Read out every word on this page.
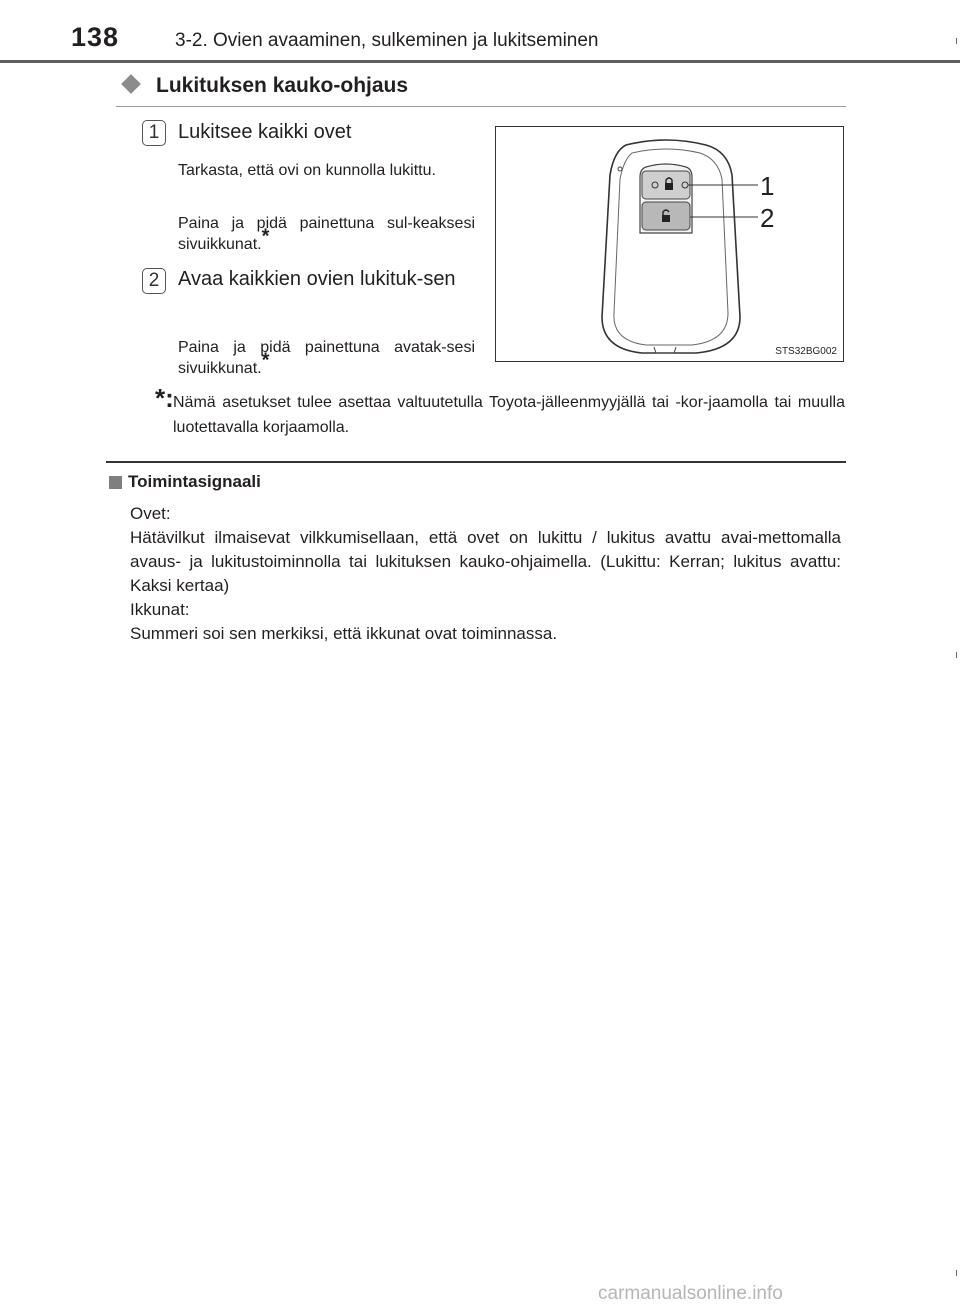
138	3-2. Ovien avaaminen, sulkeminen ja lukitseminen
Lukituksen kauko-ohjaus
1 Lukitsee kaikki ovet
Tarkasta, että ovi on kunnolla lukittu.
Paina ja pidä painettuna sul-keaksesi sivuikkunat.*
2 Avaa kaikkien ovien lukituk-sen
Paina ja pidä painettuna avatak-sesi sivuikkunat.*
1
2
STS32BG002
*: Nämä asetukset tulee asettaa valtuutetulla Toyota-jälleenmyyjällä tai -kor-jaamolla tai muulla luotettavalla korjaamolla.
Toimintasignaali

Ovet:

Hätävilkut ilmaisevat vilkkumisellaan, että ovet on lukittu / lukitus avattu avai-mettomalla avaus- ja lukitustoiminnolla tai lukituksen kauko-ohjaimella. (Lukittu: Kerran; lukitus avattu: Kaksi kertaa)

Ikkunat:

Summeri soi sen merkiksi, että ikkunat ovat toiminnassa.

carmanualsonline.info
